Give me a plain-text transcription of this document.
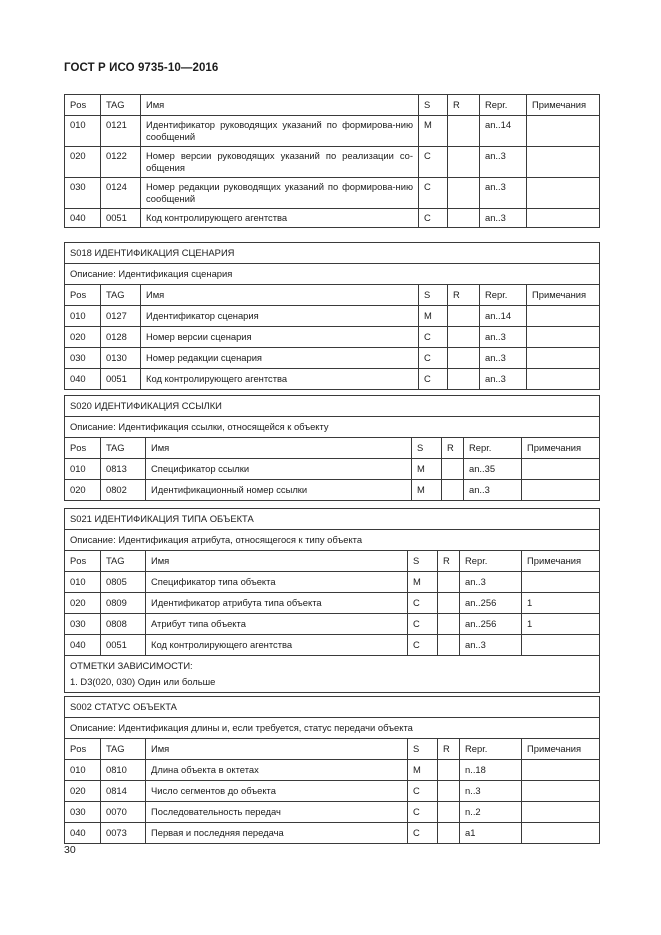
ГОСТ Р ИСО 9735-10—2016
Pos	TAG	Имя	S	R	Repr.	Примечания
010	0121	Идентификатор руководящих указаний по формирова-нию сообщений	M		an..14	
020	0122	Номер версии руководящих указаний по реализации со-общения	C		an..3	
030	0124	Номер редакции руководящих указаний по формирова-нию сообщений	C		an..3	
040	0051	Код контролирующего агентства	C		an..3	
S018 ИДЕНТИФИКАЦИЯ СЦЕНАРИЯ						
Описание: Идентификация сценария						
Pos	TAG	Имя	S	R	Repr.	Примечания
010	0127	Идентификатор сценария	M		an..14	
020	0128	Номер версии сценария	C		an..3	
030	0130	Номер редакции сценария	C		an..3	
040	0051	Код контролирующего агентства	C		an..3	
S020 ИДЕНТИФИКАЦИЯ ССЫЛКИ						
Описание: Идентификация ссылки, относящейся к объекту						
Pos	TAG	Имя	S	R	Repr.	Примечания
010	0813	Спецификатор ссылки	M		an..35	
020	0802	Идентификационный номер ссылки	M		an..3	
S021 ИДЕНТИФИКАЦИЯ ТИПА ОБЪЕКТА						
Описание: Идентификация атрибута, относящегося к типу объекта						
Pos	TAG	Имя	S	R	Repr.	Примечания
010	0805	Спецификатор типа объекта	M		an..3	
020	0809	Идентификатор атрибута типа объекта	C		an..256	1
030	0808	Атрибут типа объекта	C		an..256	1
040	0051	Код контролирующего агентства	C		an..3	

ОТМЕТКИ ЗАВИСИМОСТИ:
1. D3(020, 030) Один или больше						
S002 СТАТУС ОБЪЕКТА						
Описание: Идентификация длины и, если требуется, статус передачи объекта						
Pos	TAG	Имя	S	R	Repr.	Примечания
010	0810	Длина объекта в октетах	M		n..18	
020	0814	Число сегментов до объекта	C		n..3	
030	0070	Последовательность передач	C		n..2	
040	0073	Первая и последняя передача	C		a1	
30
